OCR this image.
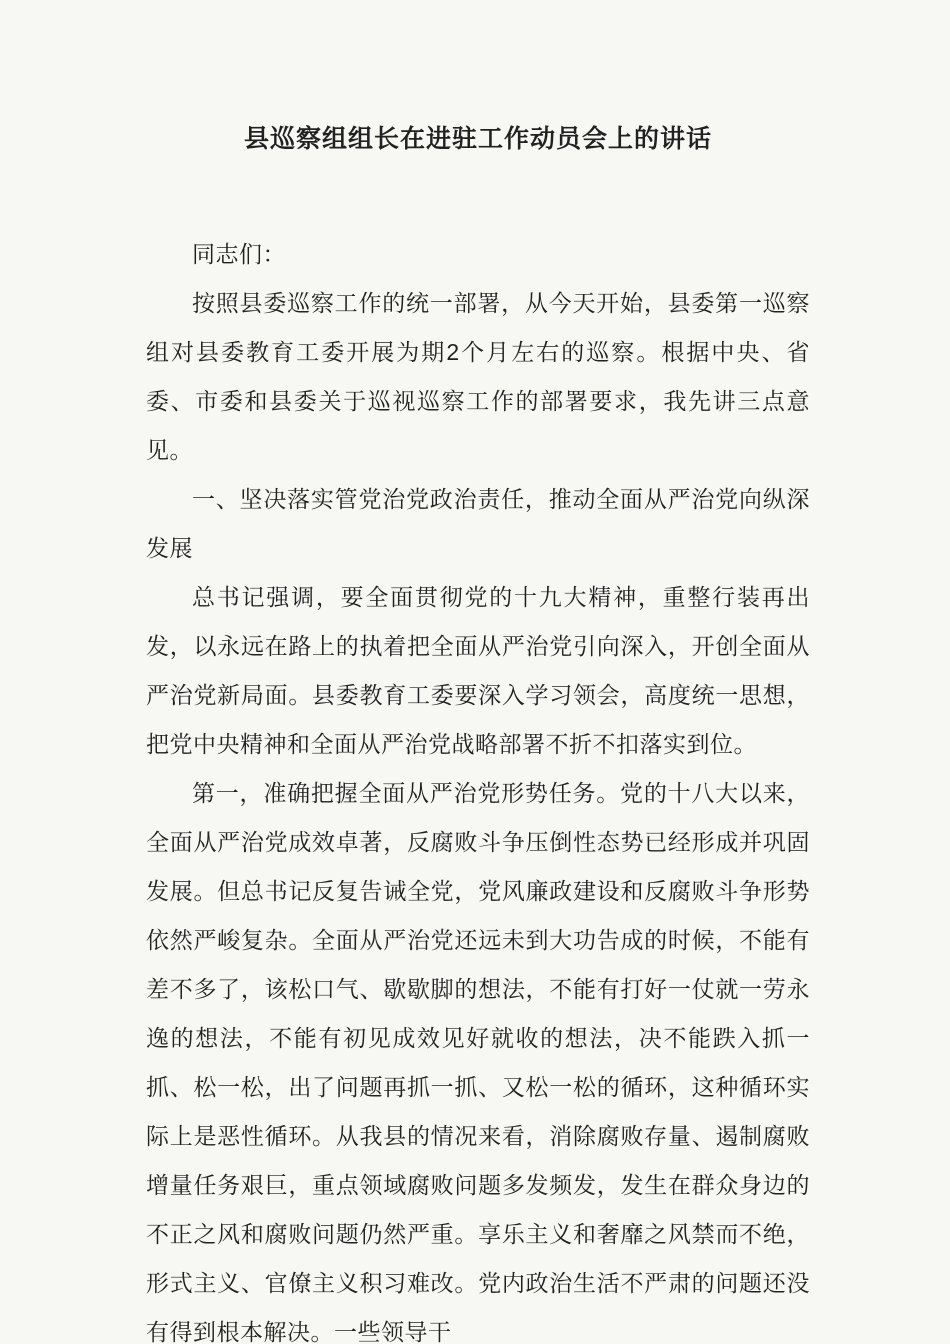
县巡察组组长在进驻工作动员会上的讲话

同志们：

按照县委巡察工作的统一部署，从今天开始，县委第一巡察组对县委教育工委开展为期2个月左右的巡察。根据中央、省委、市委和县委关于巡视巡察工作的部署要求，我先讲三点意见。

一、坚决落实管党治党政治责任，推动全面从严治党向纵深发展

总书记强调，要全面贯彻党的十九大精神，重整行装再出发，以永远在路上的执着把全面从严治党引向深入，开创全面从严治党新局面。县委教育工委要深入学习领会，高度统一思想，把党中央精神和全面从严治党战略部署不折不扣落实到位。

第一，准确把握全面从严治党形势任务。党的十八大以来，全面从严治党成效卓著，反腐败斗争压倒性态势已经形成并巩固发展。但总书记反复告诫全党，党风廉政建设和反腐败斗争形势依然严峻复杂。全面从严治党还远未到大功告成的时候，不能有差不多了，该松口气、歇歇脚的想法，不能有打好一仗就一劳永逸的想法，不能有初见成效见好就收的想法，决不能跌入抓一抓、松一松，出了问题再抓一抓、又松一松的循环，这种循环实际上是恶性循环。从我县的情况来看，消除腐败存量、遏制腐败增量任务艰巨，重点领域腐败问题多发频发，发生在群众身边的不正之风和腐败问题仍然严重。享乐主义和奢靡之风禁而不绝，形式主义、官僚主义积习难改。党内政治生活不严肃的问题还没有得到根本解决。一些领导干
